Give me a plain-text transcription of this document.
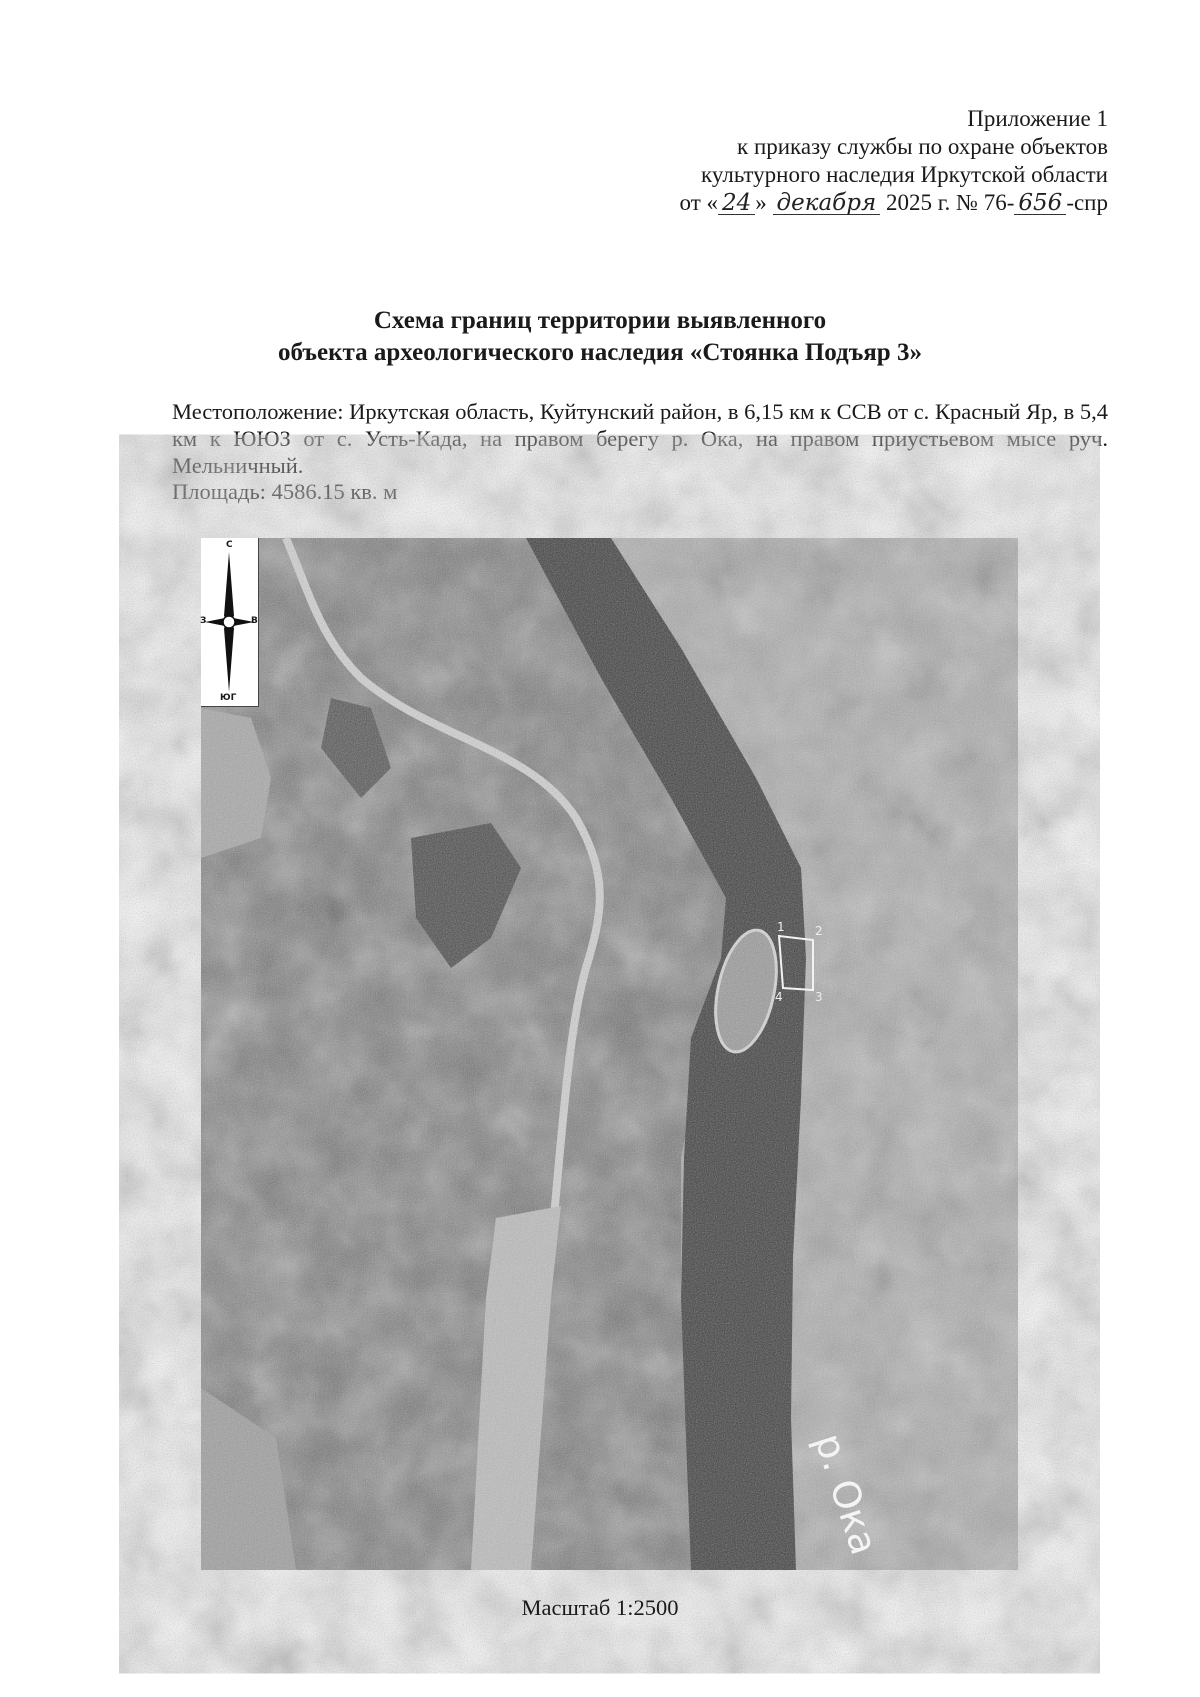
Приложение 1
к приказу службы по охране объектов
культурного наследия Иркутской области
от « 24 » декабря 2025 г. № 76- 656 -спр
Схема границ территории выявленного
объекта археологического наследия «Стоянка Подъяр 3»
Местоположение: Иркутская область, Куйтунский район, в 6,15 км к ССВ от с. Красный Яр, в 5,4 км к ЮЮЗ от с. Усть-Када, на правом берегу р. Ока, на правом приустьевом мысе руч. Мельничный.
Площадь: 4586.15 кв. м
С
ЮГ
З	В
р. Ока
1	2
3
4
Масштаб 1:2500
